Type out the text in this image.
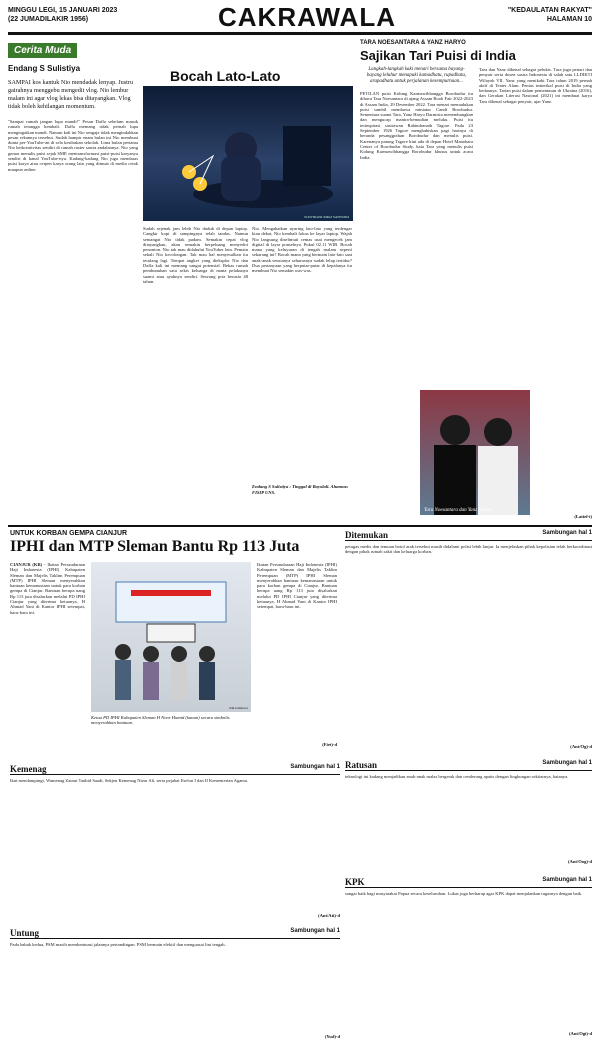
MINGGU LEGI, 15 JANUARI 2023
(22 JUMADILAKIR 1956)	CAKRAWALA	"KEDAULATAN RAKYAT"
HALAMAN 10
Cerita Muda
Endang S Sulistiya
SAMPAI kos kantuk Nio mendadak lenyap. Justru gairahnya menggebu mengedit vlog. Nio lembur malam ini agar vlog lekas bisa ditayangkan. Vlog tidak boleh kehilangan momentum.
"Sampai rumah jangan lupa mandi!" Pesan Daffa sebelum masuk rumah tetangga kembali. Daffa memang tidak pernah lupa mengingatkan mandi. Namun kali ini Nio sengaja tidak mengindahkan pesan rekannya tersebut. Sudah hampir enam bulan ini Nio membuat dunia per-YouTube-an di sela kesibukan sekolah. Lima bulan pertama Nio berkreativitas sendiri di rumah ruster sastra andalannya. Nio yang gemar menulis puisi sejak SMP, mentransformasi puisi-puisi karyanya sendiri di kanal YouTube-nya. Kadang-kadang Nio juga mendaras puisi karya atau cerpen karya orang lain yang dimuat di media cetak maupun online.
Bocah Lato-Lato
ILUSTRASI JOKO SANTOSO
Sudah sejenak jam lebih Nio duduk di depan laptop. Cangkir kopi di sampingnya telah tandas. Namun semangat Nio tidak padam. Semakin cepat vlog ditayangkan, akan semakin berpeluang menyedot penonton. Nio tak mau didahului YouTuber lain. Pemain sekali Nio kecolongan. Tak mau hal menyesalkan itu terulang lagi. Tempat angker yang dieksplor Nio dan Daffa kali ini memang sangat potensial. Bekas rumah pembunuhan satu sekis keluarga di mana pelakunya suami atau ayahnya sendiri. Seorang pria berusia 48 tahun.
Nio. Mengabaikan nyaring lato-lato yang terdengar kian dekat, Nio kembali fokus ke layar laptop. Wajah Nio langsung diselimuti cemas usai mengecek jam digital di layar ponselnya. Pukul 02.11 WIB. Bocah mana yang keluyuran di tengah malam seperti sekarang ini? Bocah mana yang bermain lato-lato saat anak-anak seusianya seharusnya sudah lelap tertidur? Dua pertanyaan yang berputar-putar di kepalanya itu membuat Nio semakin was-was.
Endang S Sulistiya : Tinggal di Boyolali. Alumnus FISIP UNS.
TARA NOESANTARA & YANZ HARYO
Sajikan Tari Puisi di India
Langkah-langkah kaki menari bersama bayang-bayang leluhur menapaki kamadhatu, rupadhatu, arupadhatu untuk perjalanan kesempurnaan...
PETILAN puisi Kidung Karmawibhangga Borobudur itu dibaca Tara Noesantara di ajang Assam Book Fair 2022-2023 di Assam India, 29 Desember 2022. Tara menari memadukan puisi sambil membawa miniatur Candi Borobudur. Sementara suami Tara, Yanz Haryo Darmista menembangkan dan mengucap mantra-kemudian meluku. Puisi itu terinspirasi sastrawan Rabindranath Tagore. Pada 23 September 1926 Tagore menghabiskan pagi harinya di beranda pesanggrahan Borobudur dan menulis puisi. Karenanya patung Tagore kini ada di depan Hotel Manohara Center of Borobudur Study, kata Tara yang menulis puisi Kidung Karmawibhangga Borobudur khusus untuk acara India.
Tara dan Yanz dikenal sebagai pelukis. Tara juga penari dan penyair serta dosen sastra Indonesia di salah satu LLDIKTI Wilayah VII. Yanz yang menikahi Tara tahun 2019 pernah aktif di Teater Alam. Pentas teaterikal puisi di India yang keduanya. Tarian puisi dalam pementasan di Ukraina (2016), dan Gerakan Literasi Nasional (2021) ini membuat karya Tara dikenal sebagai penyair, ujar Yanz.
Tara Noesantara dan Yanz Haryo
(Latief-i)
UNTUK KORBAN GEMPA CIANJUR
IPHI dan MTP Sleman Bantu Rp 113 Juta
CIANJUR (KR) - Ikatan Persaudaraan Haji Indonesia (IPHI) Kabupaten Sleman dan Majelis Taklim Perempuan (MTP) IPHI Sleman menyerahkan bantuan kemanusiaan untuk para korban gempa di Cianjur. Bantuan berupa uang Rp 113 juta disalurkan melalui PD IPHI Cianjur yang diterima ketuanya, H Ahmad Yani di Kantor IPHI setempat, baru-baru ini.
KR-istimewa
Ketua PD IPHI Kabupaten Sleman H Noor Hamid (kanan) secara simbolis menyerahkan bantuan.
Ikatan Persaudaraan Haji Indonesia (IPHI) Kabupaten Sleman dan Majelis Taklim Perempuan (MTP) IPHI Sleman menyerahkan bantuan kemanusiaan untuk para korban gempa di Cianjur. Bantuan berupa uang Rp 113 juta disalurkan melalui PD IPHI Cianjur yang diterima ketuanya, H Ahmad Yani di Kantor IPHI setempat, baru-baru ini.
(Fiet)-d
Ditemukan	Sambungan hal 1
petugas medis dan temuan botol arak tersebut masih didalami polisi lebih lanjut. Ia menjelaskan pihak kepolisian telah berkoordinasi dengan pihak rumah sakit dan keluarga korban.
(Ant/Og)-d
Ratusan	Sambungan hal 1
teknologi ini kadang menjadikan anak-anak malas bergerak dan cenderung apatis dengan lingkungan sekitarnya, katanya.
(Ant/Oog)-d
Kemenag	Sambungan hal 1
Ikut mendampingi, Wamenag Zainut Tauhid Saadi, Sekjen Kemenag Nizar Ali, serta pejabat Eselon I dan II Kementerian Agama.
(Ant/Ati)-d
KPK	Sambungan hal 1
sangat baik bagi masyarakat Papua secara keseluruhan. Lukas juga berharap agar KPK dapat menjalankan tugasnya dengan baik.
(Ant/Ogi)-d
Untung	Sambungan hal 1
Pada babak kedua, PSM masih mendominasi jalannya pertandingan. PSM bermain efektif dan menguasai lini tengah.
(Yud)-d
